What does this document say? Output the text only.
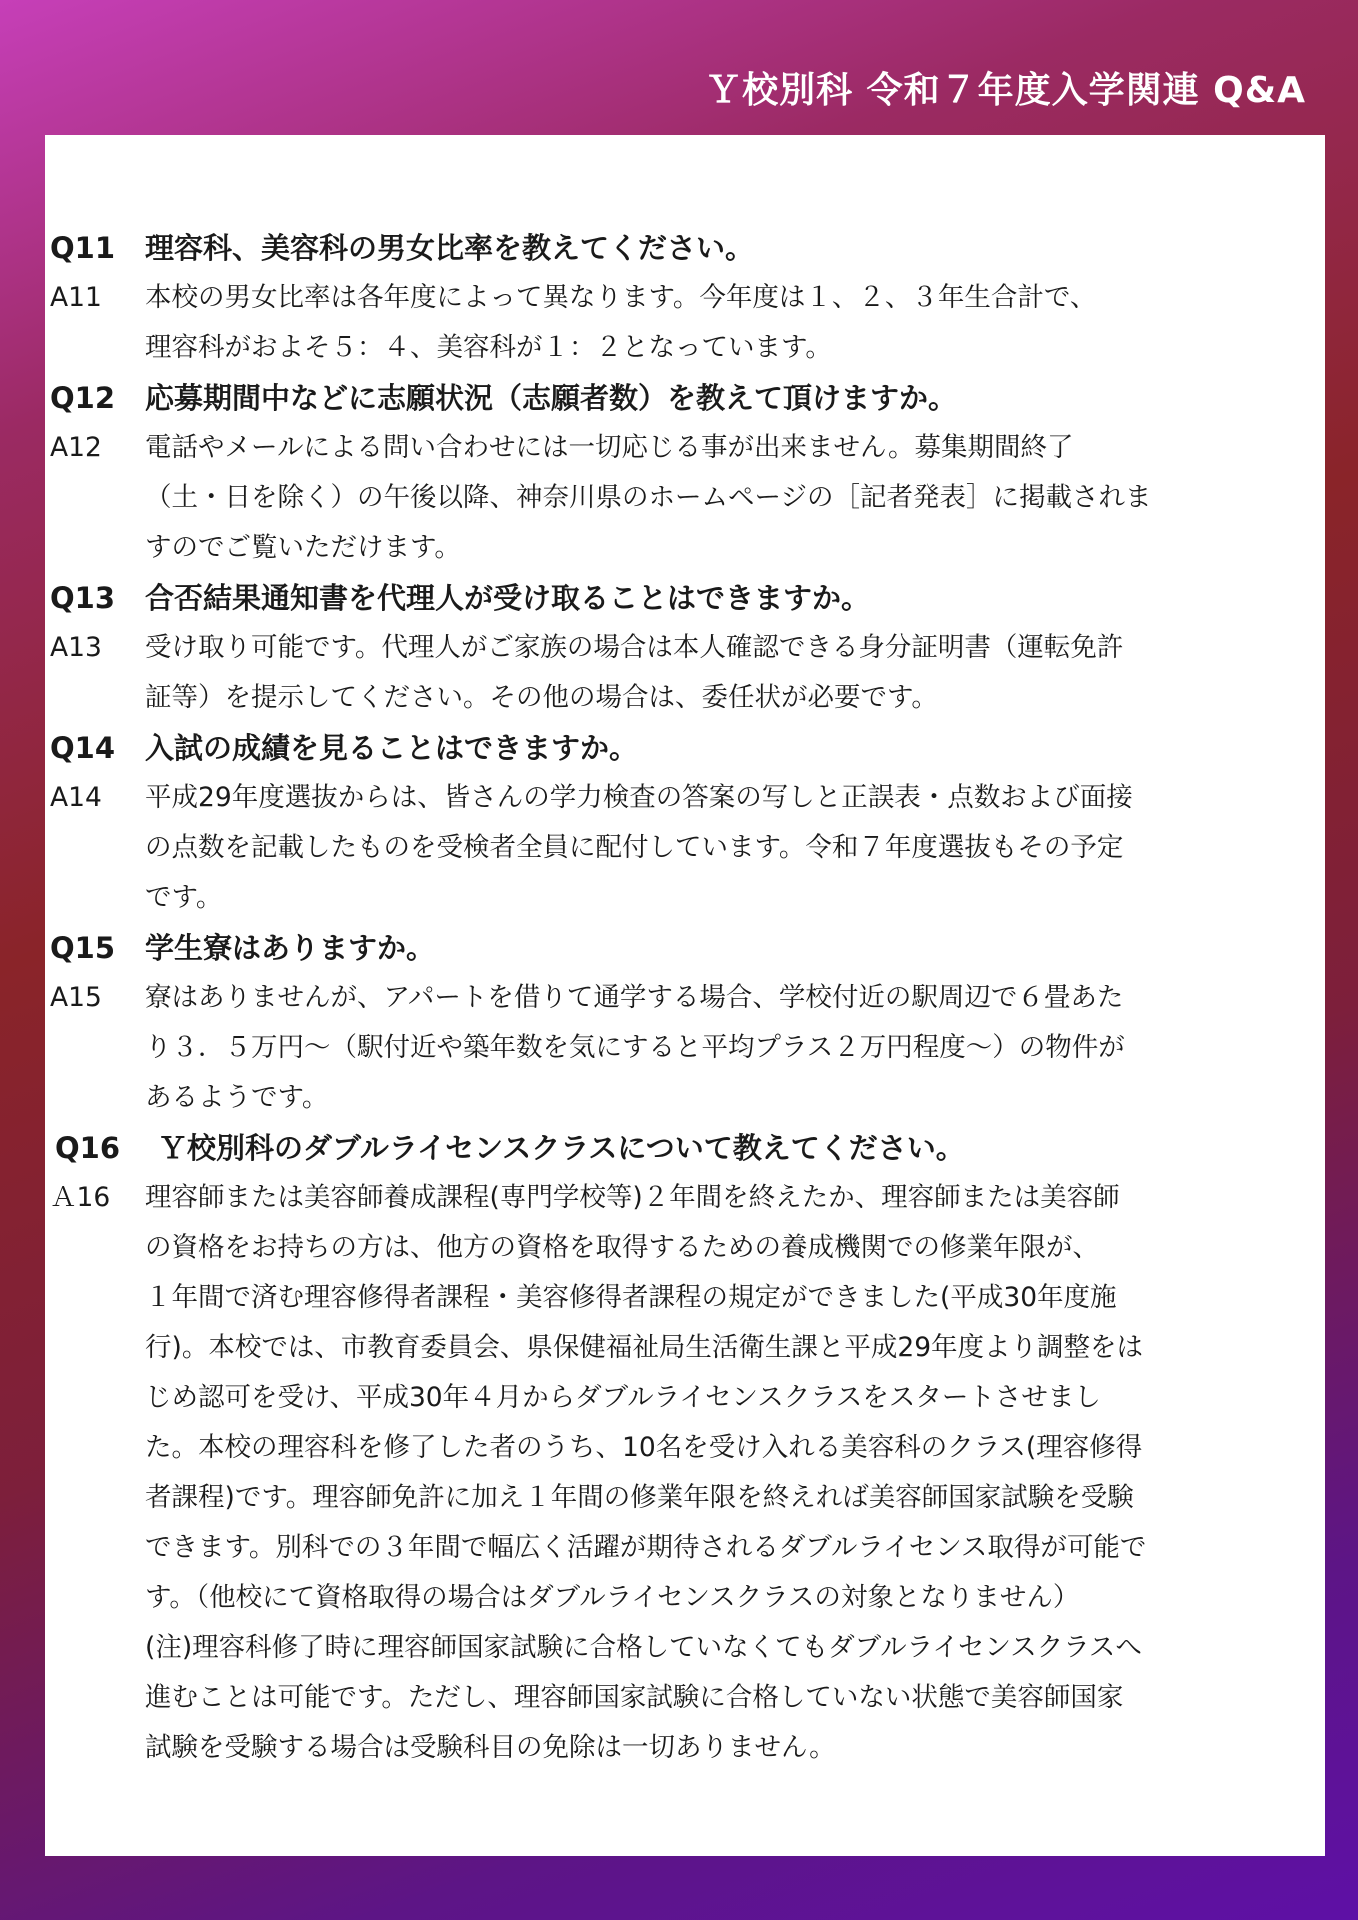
Ｙ校別科 令和７年度入学関連 Q&A
Q11	理容科、美容科の男女比率を教えてください。
A11	本校の男女比率は各年度によって異なります。今年度は１、２、３年生合計で、
理容科がおよそ５：４、美容科が１：２となっています。
Q12	応募期間中などに志願状況（志願者数）を教えて頂けますか。
A12	電話やメールによる問い合わせには一切応じる事が出来ません。募集期間終了
（土・日を除く）の午後以降、神奈川県のホームページの［記者発表］に掲載されま
すのでご覧いただけます。
Q13	合否結果通知書を代理人が受け取ることはできますか。
A13	受け取り可能です。代理人がご家族の場合は本人確認できる身分証明書（運転免許
証等）を提示してください。その他の場合は、委任状が必要です。
Q14	入試の成績を見ることはできますか。
A14	平成29年度選抜からは、皆さんの学力検査の答案の写しと正誤表・点数および面接
の点数を記載したものを受検者全員に配付しています。令和７年度選抜もその予定
です。
Q15	学生寮はありますか。
A15	寮はありませんが、アパートを借りて通学する場合、学校付近の駅周辺で６畳あた
り３．５万円～（駅付近や築年数を気にすると平均プラス２万円程度～）の物件が
あるようです。
Q16	Ｙ校別科のダブルライセンスクラスについて教えてください。
Ａ16	理容師または美容師養成課程(専門学校等)２年間を終えたか、理容師または美容師
の資格をお持ちの方は、他方の資格を取得するための養成機関での修業年限が、
１年間で済む理容修得者課程・美容修得者課程の規定ができました(平成30年度施
行)。本校では、市教育委員会、県保健福祉局生活衛生課と平成29年度より調整をは
じめ認可を受け、平成30年４月からダブルライセンスクラスをスタートさせまし
た。本校の理容科を修了した者のうち、10名を受け入れる美容科のクラス(理容修得
者課程)です。理容師免許に加え１年間の修業年限を終えれば美容師国家試験を受験
できます。別科での３年間で幅広く活躍が期待されるダブルライセンス取得が可能で
す。（他校にて資格取得の場合はダブルライセンスクラスの対象となりません）
(注)理容科修了時に理容師国家試験に合格していなくてもダブルライセンスクラスへ
進むことは可能です。ただし、理容師国家試験に合格していない状態で美容師国家
試験を受験する場合は受験科目の免除は一切ありません。
